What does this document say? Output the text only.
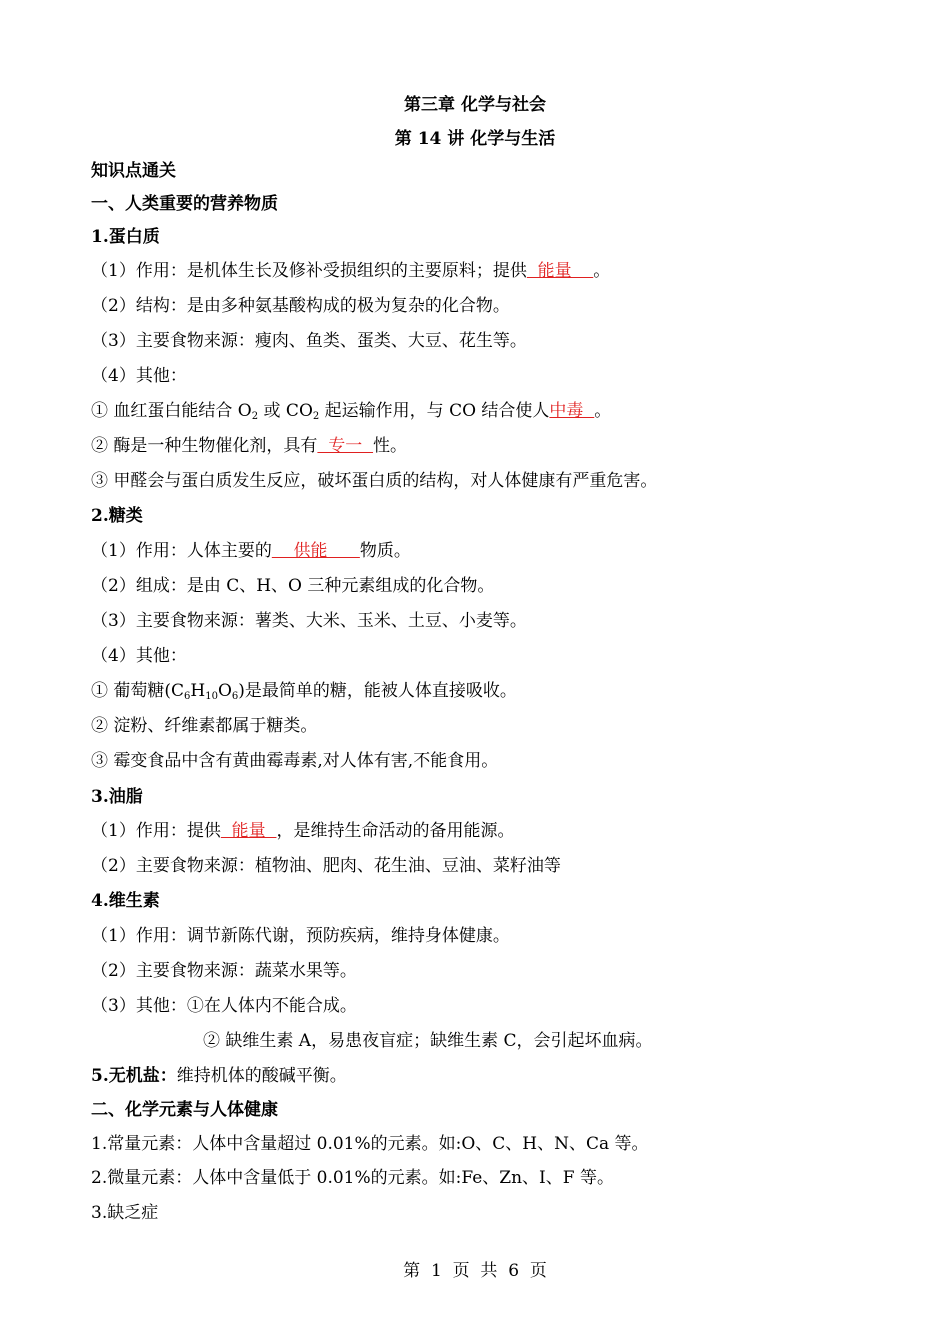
第三章 化学与社会
第 14 讲 化学与生活
知识点通关
一、人类重要的营养物质
1.蛋白质
（1）作用：是机体生长及修补受损组织的主要原料；提供  能量    。
（2）结构：是由多种氨基酸构成的极为复杂的化合物。
（3）主要食物来源：瘦肉、鱼类、蛋类、大豆、花生等。
（4）其他：
① 血红蛋白能结合 $O_2$ 或 $CO_2$ 起运输作用，与 CO 结合使人中毒  。
② 酶是一种生物催化剂，具有  专一  性。
③ 甲醛会与蛋白质发生反应，破坏蛋白质的结构，对人体健康有严重危害。
2.糖类
（1）作用：人体主要的    供能      物质。
（2）组成：是由 C、H、O 三种元素组成的化合物。
（3）主要食物来源：薯类、大米、玉米、土豆、小麦等。
（4）其他：
① 葡萄糖$(C_6H_{10}O_6)$是最简单的糖，能被人体直接吸收。
② 淀粉、纤维素都属于糖类。
③ 霉变食品中含有黄曲霉毒素,对人体有害,不能食用。
3.油脂
（1）作用：提供  能量  ，是维持生命活动的备用能源。
（2）主要食物来源：植物油、肥肉、花生油、豆油、菜籽油等
4.维生素
（1）作用：调节新陈代谢，预防疾病，维持身体健康。
（2）主要食物来源：蔬菜水果等。
（3）其他：①在人体内不能合成。
② 缺维生素 A，易患夜盲症；缺维生素 C，会引起坏血病。
5.无机盐：维持机体的酸碱平衡。
二、化学元素与人体健康
1.常量元素：人体中含量超过 0.01%的元素。如:O、C、H、N、Ca 等。
2.微量元素：人体中含量低于 0.01%的元素。如:Fe、Zn、I、F 等。
3.缺乏症
第  1  页  共  6  页
